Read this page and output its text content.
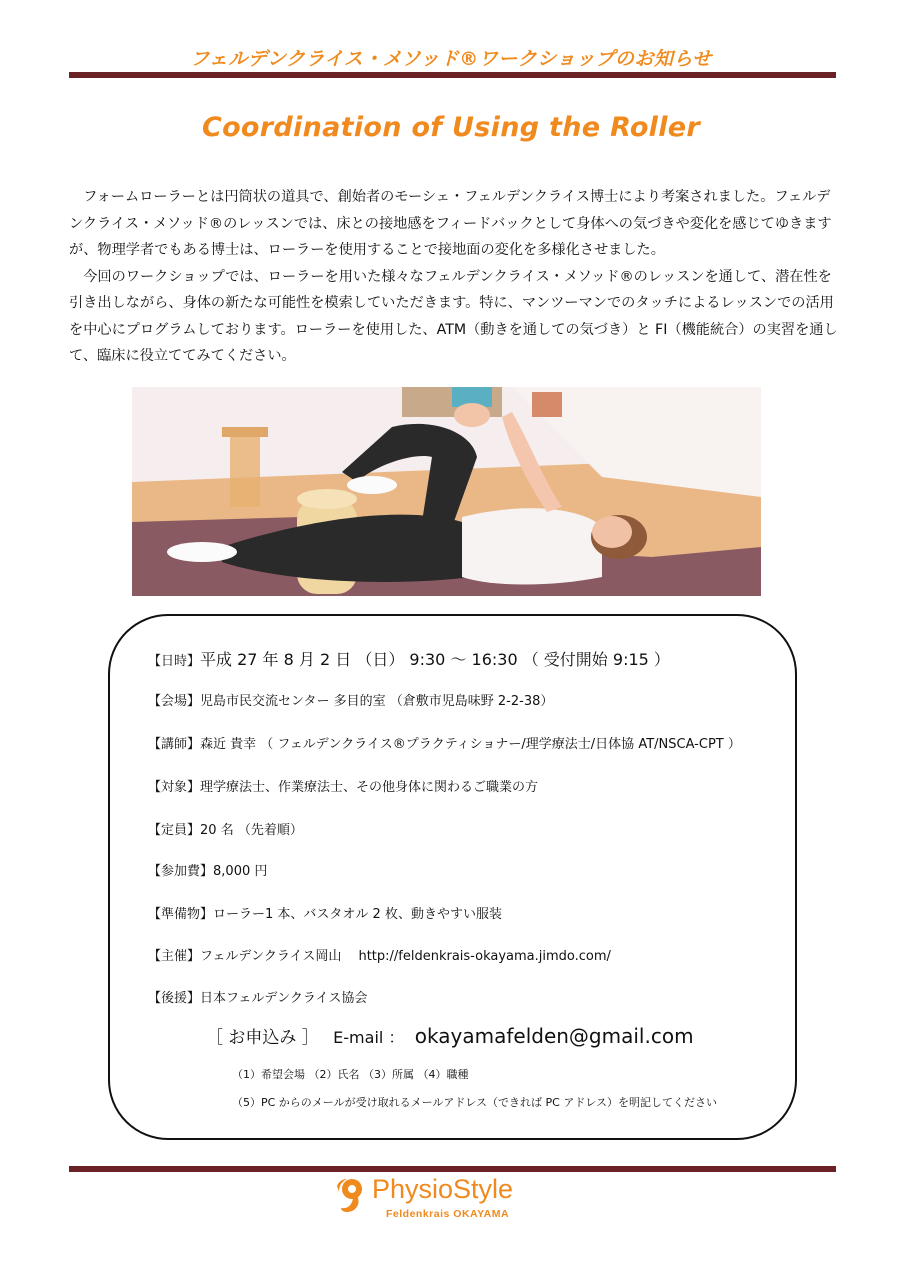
フェルデンクライス・メソッド®ワークショップのお知らせ
Coordination of Using the Roller

フォームローラーとは円筒状の道具で、創始者のモーシェ・フェルデンクライス博士により考案されました。フェルデンクライス・メソッド®のレッスンでは、床との接地感をフィードバックとして身体への気づきや変化を感じてゆきますが、物理学者でもある博士は、ローラーを使用することで接地面の変化を多様化させました。

今回のワークショップでは、ローラーを用いた様々なフェルデンクライス・メソッド®のレッスンを通して、潜在性を引き出しながら、身体の新たな可能性を模索していただきます。特に、マンツーマンでのタッチによるレッスンでの活用を中心にプログラムしております。ローラーを使用した、ATM（動きを通しての気づき）と FI（機能統合）の実習を通して、臨床に役立ててみてください。

【日時】平成 27 年 8 月 2 日 （日） 9:30 ～ 16:30 （ 受付開始 9:15 ）
【会場】児島市民交流センター 多目的室 （倉敷市児島味野 2-2-38）
【講師】森近 貴幸 （ フェルデンクライス®プラクティショナー/理学療法士/日体協 AT/NSCA-CPT ）
【対象】理学療法士、作業療法士、その他身体に関わるご職業の方
【定員】20 名 （先着順）
【参加費】8,000 円
【準備物】ローラー1 本、バスタオル 2 枚、動きやすい服装
【主催】フェルデンクライス岡山　 http://feldenkrais-okayama.jimdo.com/
【後援】日本フェルデンクライス協会
［ お申込み ］ E-mail ： okayamafelden@gmail.com
（1）希望会場 （2）氏名 （3）所属 （4）職種
（5）PC からのメールが受け取れるメールアドレス（できれば PC アドレス）を明記してください
PhysioStyle
Feldenkrais OKAYAMA
